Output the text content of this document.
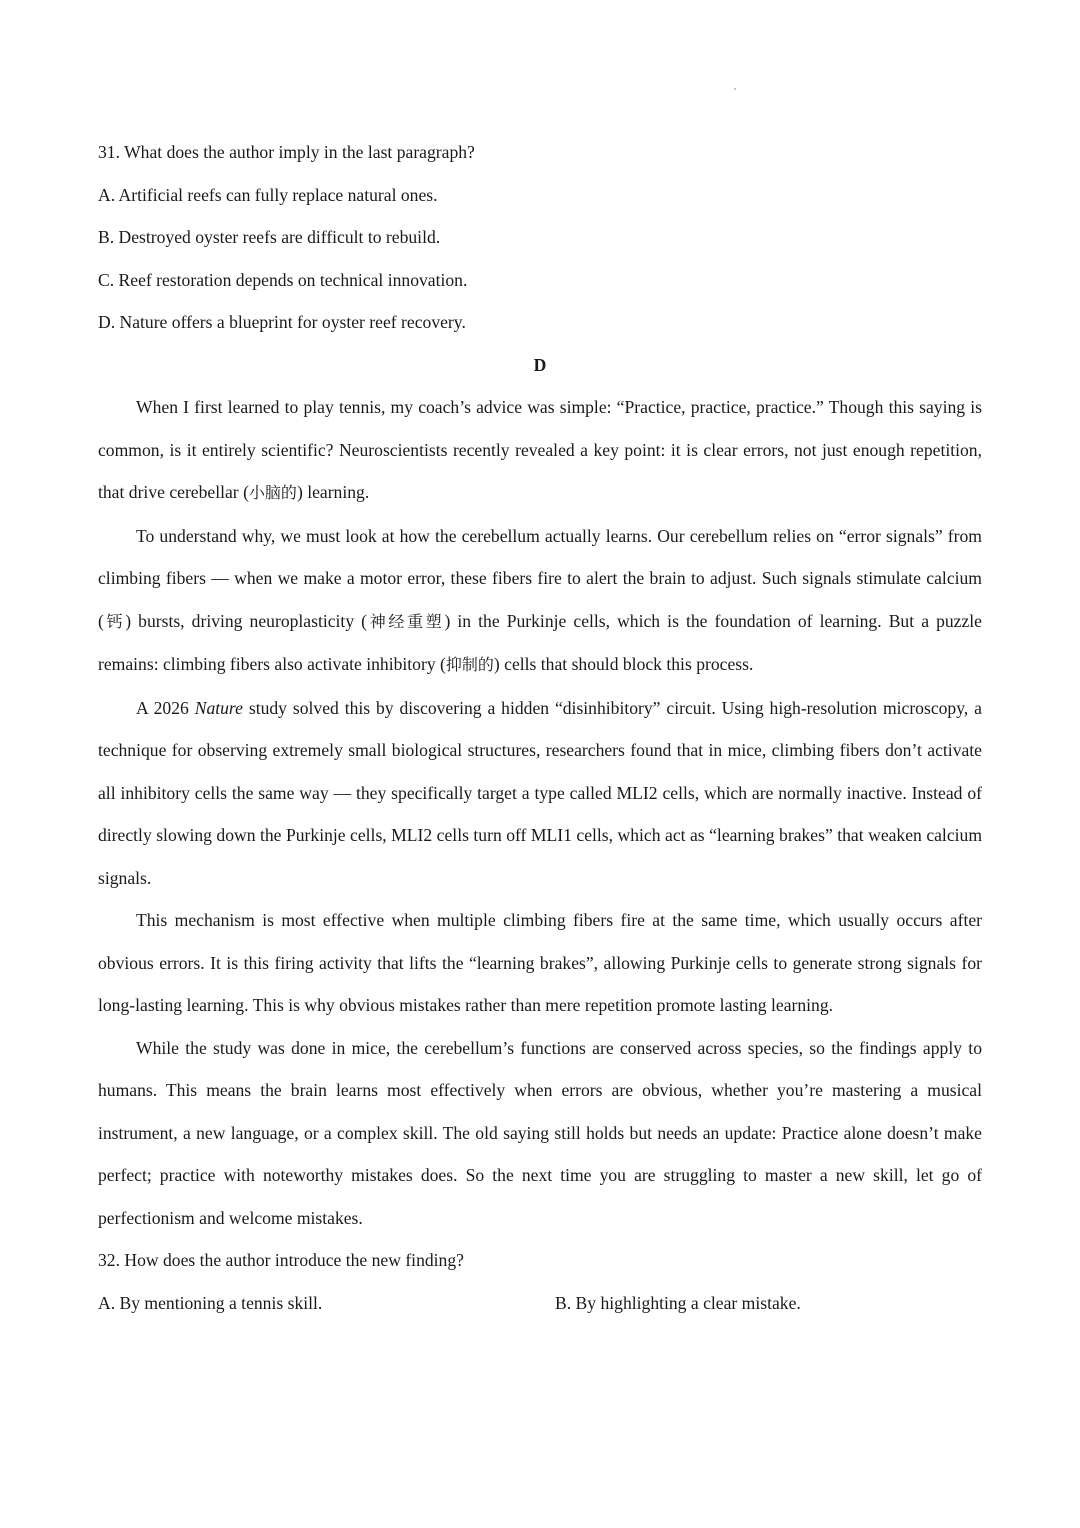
31. What does the author imply in the last paragraph?

A. Artificial reefs can fully replace natural ones.

B. Destroyed oyster reefs are difficult to rebuild.

C. Reef restoration depends on technical innovation.

D. Nature offers a blueprint for oyster reef recovery.

D

When I first learned to play tennis, my coach’s advice was simple: “Practice, practice, practice.” Though this saying is common, is it entirely scientific? Neuroscientists recently revealed a key point: it is clear errors, not just enough repetition, that drive cerebellar (小脑的) learning.

To understand why, we must look at how the cerebellum actually learns. Our cerebellum relies on “error signals” from climbing fibers — when we make a motor error, these fibers fire to alert the brain to adjust. Such signals stimulate calcium (钙) bursts, driving neuroplasticity (神经重塑) in the Purkinje cells, which is the foundation of learning. But a puzzle remains: climbing fibers also activate inhibitory (抑制的) cells that should block this process.

A 2026 Nature study solved this by discovering a hidden “disinhibitory” circuit. Using high-resolution microscopy, a technique for observing extremely small biological structures, researchers found that in mice, climbing fibers don’t activate all inhibitory cells the same way — they specifically target a type called MLI2 cells, which are normally inactive. Instead of directly slowing down the Purkinje cells, MLI2 cells turn off MLI1 cells, which act as “learning brakes” that weaken calcium signals.

This mechanism is most effective when multiple climbing fibers fire at the same time, which usually occurs after obvious errors. It is this firing activity that lifts the “learning brakes”, allowing Purkinje cells to generate strong signals for long-lasting learning. This is why obvious mistakes rather than mere repetition promote lasting learning.

While the study was done in mice, the cerebellum’s functions are conserved across species, so the findings apply to humans. This means the brain learns most effectively when errors are obvious, whether you’re mastering a musical instrument, a new language, or a complex skill. The old saying still holds but needs an update: Practice alone doesn’t make perfect; practice with noteworthy mistakes does. So the next time you are struggling to master a new skill, let go of perfectionism and welcome mistakes.

32. How does the author introduce the new finding?

A. By mentioning a tennis skill.	B. By highlighting a clear mistake.
